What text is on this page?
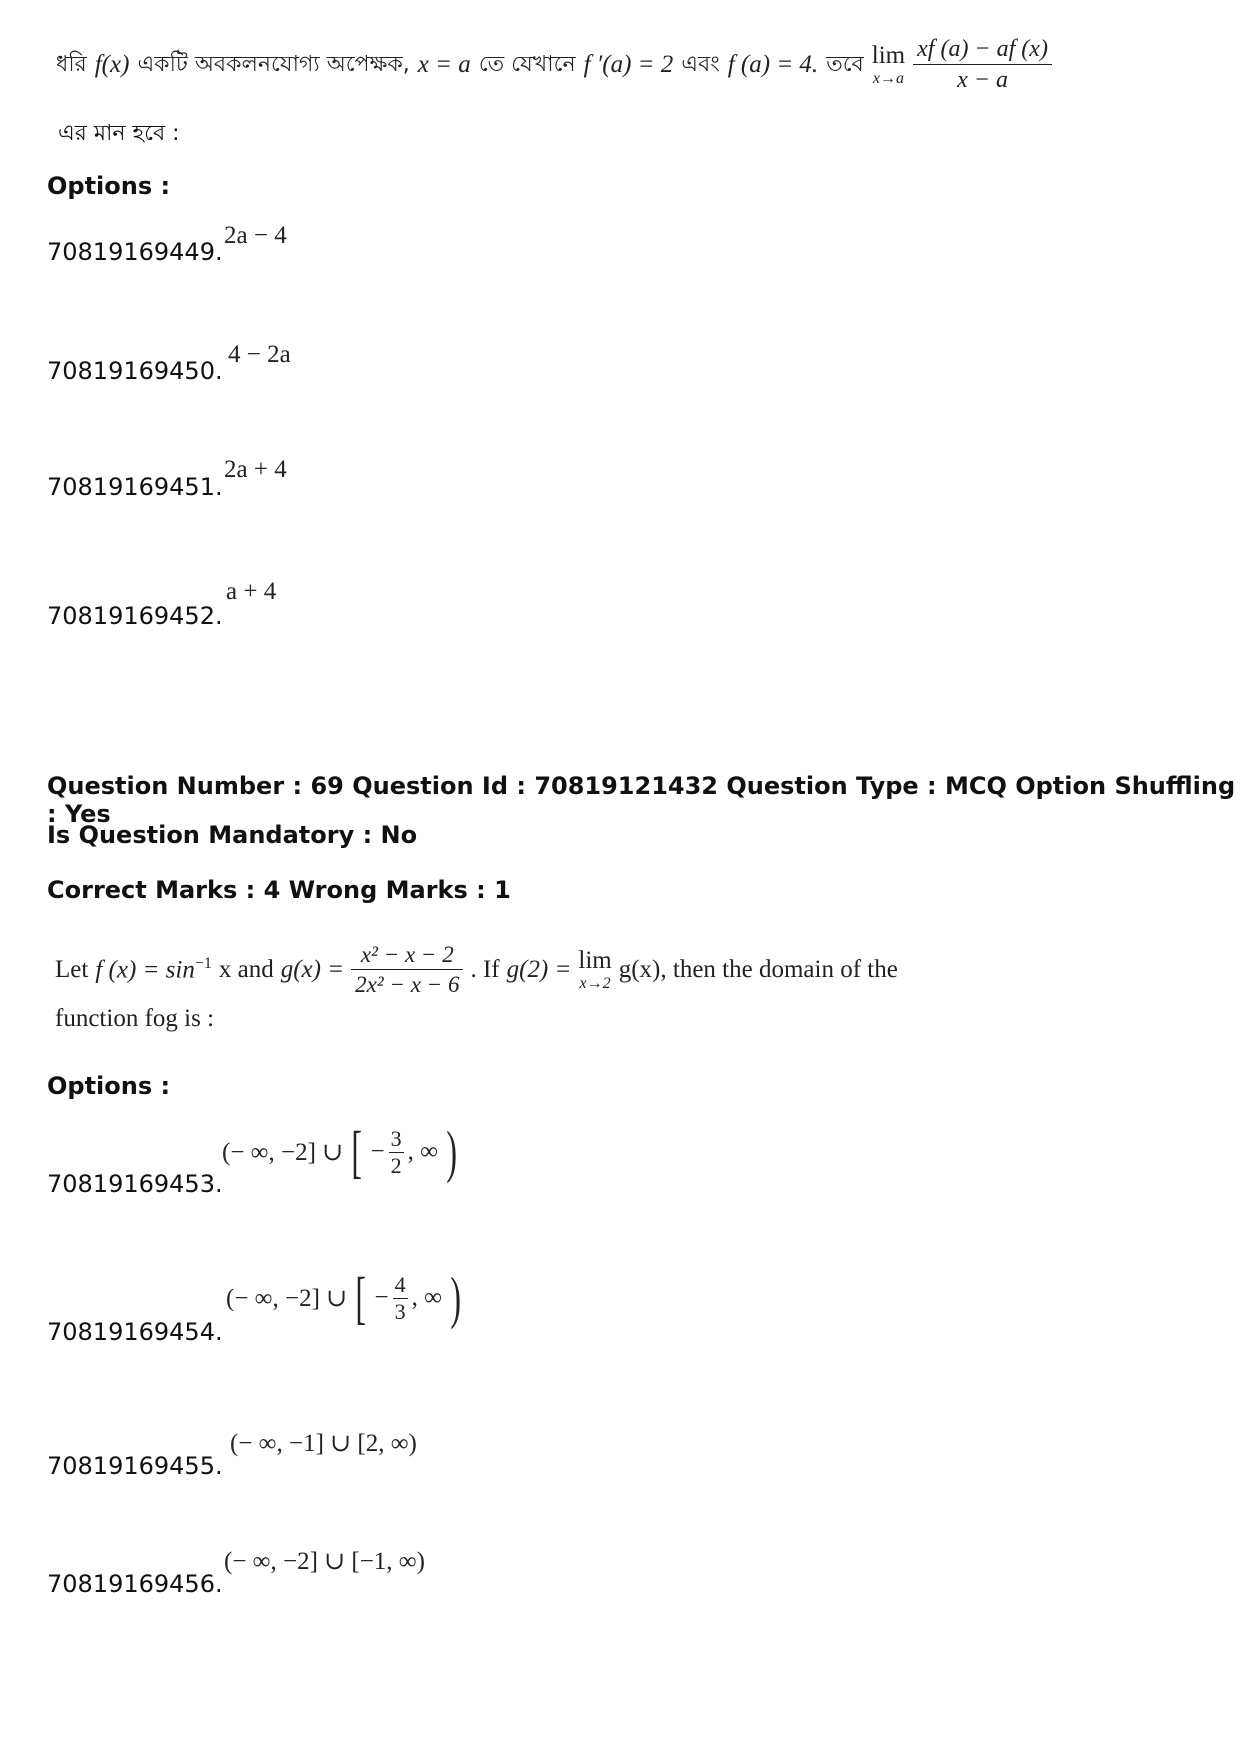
ধরি f(x) একটি অবকলনযোগ্য অপেক্ষক, x = a তে যেখানে f ′(a) = 2 এবং f (a) = 4. তবে lim
$x\to a \frac{xf (a) - af (x)}{x - a}$
এর মান হবে :
Options :
70819169449.
2a − 4
70819169450.
4 − 2a
70819169451.
2a + 4
70819169452.
a + 4
Question Number : 69 Question Id : 70819121432 Question Type : MCQ Option Shuffling : Yes
Is Question Mandatory : No
Correct Marks : 4 Wrong Marks : 1
Let f $(x) = \sin^{-1} x$ and $g(x) = \frac{\text{x² − x − 2}}{\text{2x² − x − 6}}$ . If g(2) = lim
x→2
g(x), then the domain of the
function fog is :
Options :
70819169453.
(− ∞, −2] ∪ [ − $\frac{3}{2}$ , ∞ )
70819169454.
(− ∞, −2] ∪ [ − $\frac{4}{3}$ , ∞ )
70819169455.
(− ∞, −1] ∪ [2, ∞)
70819169456.
(− ∞, −2] ∪ [−1, ∞)
